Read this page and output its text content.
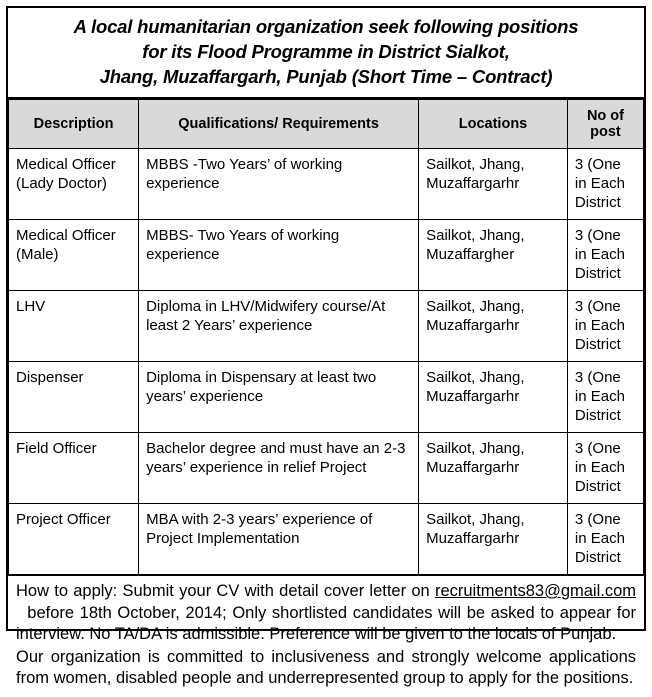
A local humanitarian organization seek following positions
for its Flood Programme in District Sialkot,
Jhang, Muzaffargarh, Punjab (Short Time – Contract)
Description	Qualifications/ Requirements	Locations	No of post
Medical Officer (Lady Doctor)	MBBS -Two Years’ of working experience	Sailkot, Jhang, Muzaffargarhr	3 (One in Each District
Medical Officer (Male)	MBBS- Two Years of working experience	Sailkot, Jhang, Muzaffargher	3 (One in Each District
LHV	Diploma in LHV/Midwifery course/At least 2 Years’ experience	Sailkot, Jhang, Muzaffargarhr	3 (One in Each District
Dispenser	Diploma in Dispensary at least two years’ experience	Sailkot, Jhang, Muzaffargarhr	3 (One in Each District
Field Officer	Bachelor degree and must have an 2-3 years’ experience in relief Project	Sailkot, Jhang, Muzaffargarhr	3 (One in Each District
Project Officer	MBA with 2-3 years’ experience of Project Implementation	Sailkot, Jhang, Muzaffargarhr	3 (One in Each District

How to apply: Submit your CV with detail cover letter on recruitments83@gmail.com   before 18th October, 2014; Only shortlisted candidates will be asked to appear for interview. No TA/DA is admissible. Preference will be given to the locals of Punjab.

Our organization is committed to inclusiveness and strongly welcome applications from women, disabled people and underrepresented group to apply for the positions.
